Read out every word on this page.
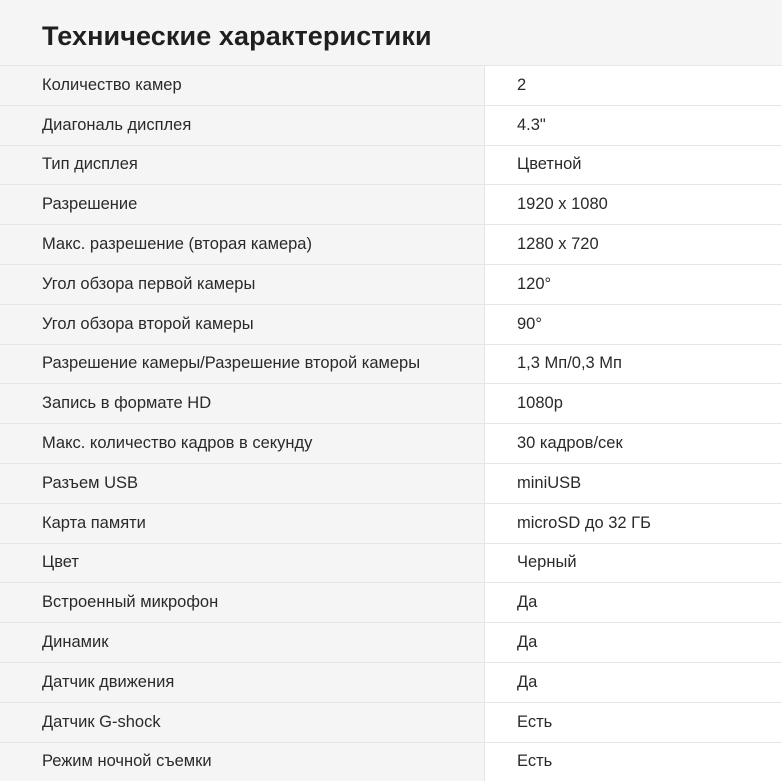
Технические характеристики
Количество камер	2
Диагональ дисплея	4.3"
Тип дисплея	Цветной
Разрешение	1920 х 1080
Макс. разрешение (вторая камера)	1280 х 720
Угол обзора первой камеры	120°
Угол обзора второй камеры	90°
Разрешение камеры/Разрешение второй камеры	1,3 Мп/0,3 Мп
Запись в формате HD	1080p
Макс. количество кадров в секунду	30 кадров/сек
Разъем USB	miniUSB
Карта памяти	microSD до 32 ГБ
Цвет	Черный
Встроенный микрофон	Да
Динамик	Да
Датчик движения	Да
Датчик G-shock	Есть
Режим ночной съемки	Есть
